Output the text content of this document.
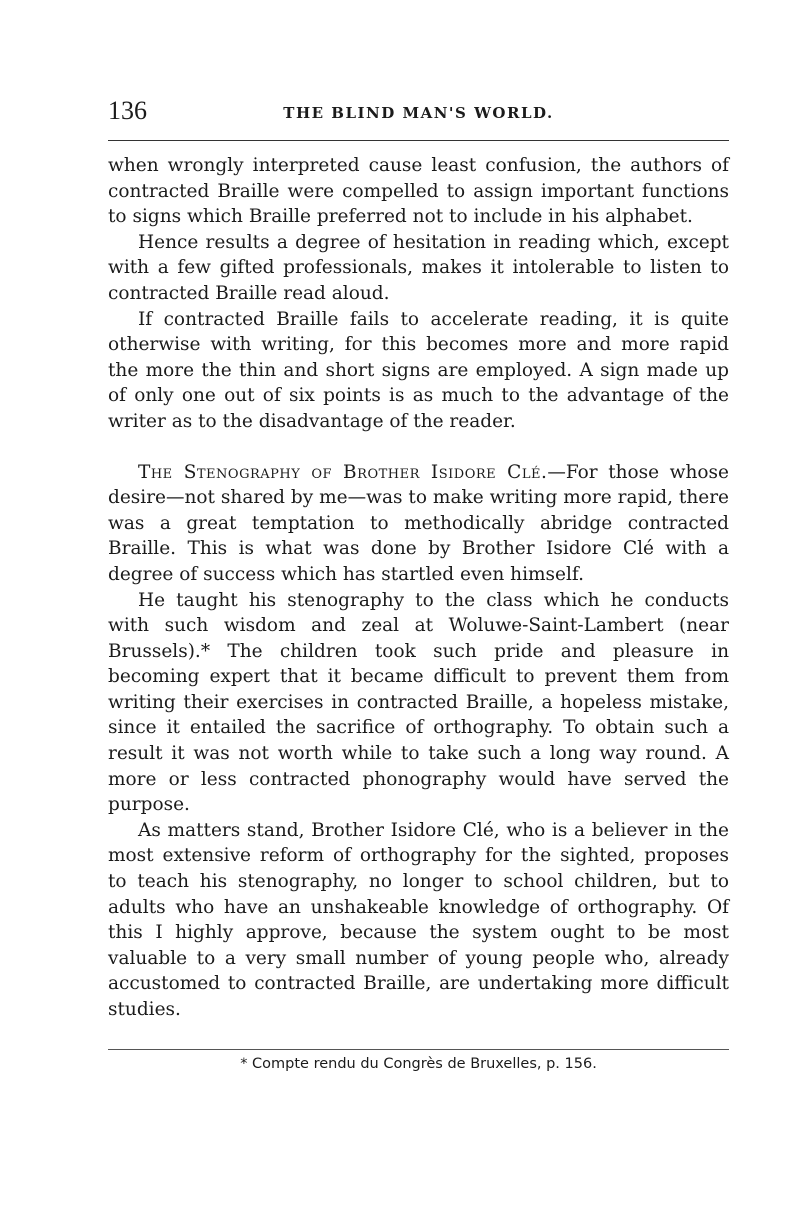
136	THE BLIND MAN'S WORLD.

when wrongly interpreted cause least confusion, the authors of contracted Braille were compelled to assign important functions to signs which Braille preferred not to include in his alphabet.

Hence results a degree of hesitation in reading which, except with a few gifted professionals, makes it intolerable to listen to contracted Braille read aloud.

If contracted Braille fails to accelerate reading, it is quite otherwise with writing, for this becomes more and more rapid the more the thin and short signs are employed. A sign made up of only one out of six points is as much to the advantage of the writer as to the disadvantage of the reader.

The Stenography of Brother Isidore Clé.—For those whose desire—not shared by me—was to make writing more rapid, there was a great temptation to methodically abridge contracted Braille. This is what was done by Brother Isidore Clé with a degree of success which has startled even himself.

He taught his stenography to the class which he conducts with such wisdom and zeal at Woluwe-Saint-Lambert (near Brussels).* The children took such pride and pleasure in becoming expert that it became difficult to prevent them from writing their exercises in contracted Braille, a hopeless mistake, since it entailed the sacrifice of orthography. To obtain such a result it was not worth while to take such a long way round. A more or less contracted phonography would have served the purpose.

As matters stand, Brother Isidore Clé, who is a believer in the most extensive reform of orthography for the sighted, proposes to teach his stenography, no longer to school children, but to adults who have an unshakeable knowledge of orthography. Of this I highly approve, because the system ought to be most valuable to a very small number of young people who, already accustomed to contracted Braille, are undertaking more difficult studies.

* Compte rendu du Congrès de Bruxelles, p. 156.
